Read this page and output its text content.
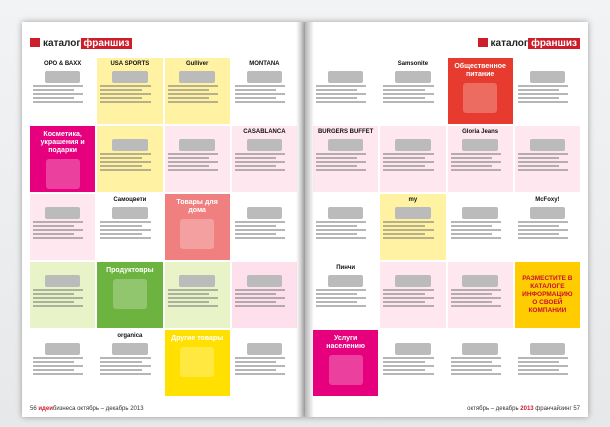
каталог франшиз
ОРО & ВАХХ	USA SPORTS	Gulliver	MONTANA
Косметика, украшения и подарки
CASABLANCA
Самоцвети	Товары для дома
Продуктовры
organica	Другие товары
56 идеибизнеса октябрь – декабрь 2013
каталог франшиз
Samsonite	Общественное питание
BURGERS BUFFET	Gloria Jeans
my	McFoxy!
Пинчи
РАЗМЕСТИТЕ В КАТАЛОГЕ ИНФОРМАЦИЮ О СВОЕЙ КОМПАНИИ
Услуги населению
октябрь – декабрь 2013 франчайзинг 57
